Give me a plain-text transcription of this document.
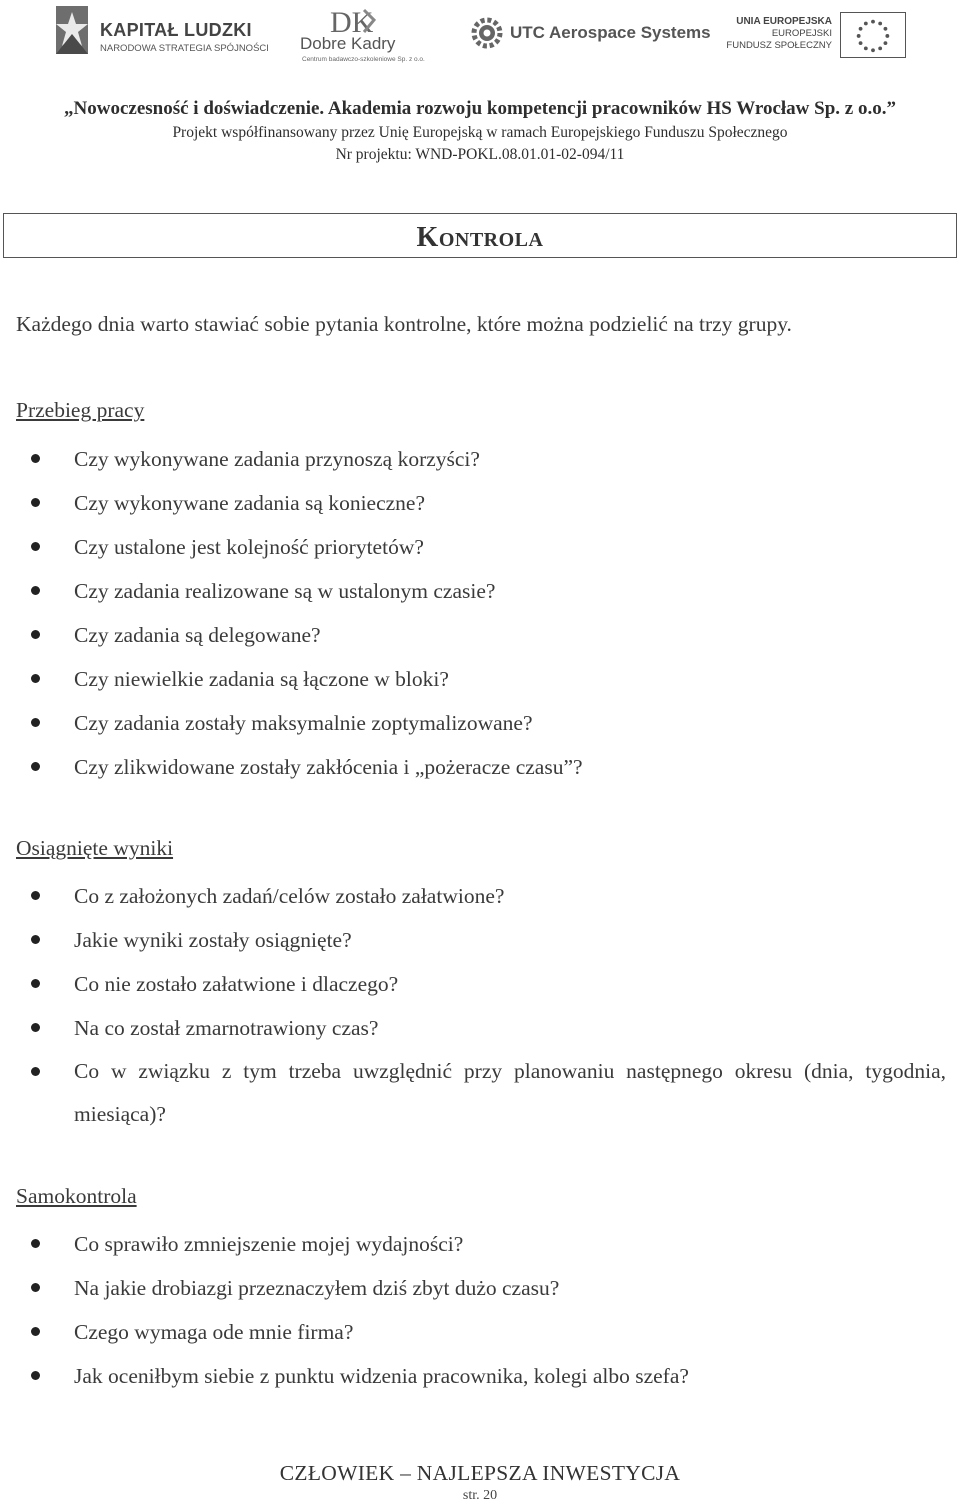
KAPITAŁ LUDZKI
NARODOWA STRATEGIA SPÓJNOŚCI
DK
Dobre Kadry
Centrum badawczo-szkoleniowe Sp. z o.o.
UTC Aerospace Systems
UNIA EUROPEJSKA
EUROPEJSKI
FUNDUSZ SPOŁECZNY
„Nowoczesność i doświadczenie. Akademia rozwoju kompetencji pracowników HS Wrocław Sp. z o.o.”
Projekt współfinansowany przez Unię Europejską w ramach Europejskiego Funduszu Społecznego
Nr projektu: WND-POKL.08.01.01-02-094/11
Kontrola
Każdego dnia warto stawiać sobie pytania kontrolne, które można podzielić na trzy grupy.
Przebieg pracy
Czy wykonywane zadania przynoszą korzyści?
Czy wykonywane zadania są konieczne?
Czy ustalone jest kolejność priorytetów?
Czy zadania realizowane są w ustalonym czasie?
Czy zadania są delegowane?
Czy niewielkie zadania są łączone w bloki?
Czy zadania zostały maksymalnie zoptymalizowane?
Czy zlikwidowane zostały zakłócenia i „pożeracze czasu”?
Osiągnięte wyniki
Co z założonych zadań/celów zostało załatwione?
Jakie wyniki zostały osiągnięte?
Co nie zostało załatwione i dlaczego?
Na co został zmarnotrawiony czas?
Co w związku z tym trzeba uwzględnić przy planowaniu następnego okresu (dnia, tygodnia, miesiąca)?
Samokontrola
Co sprawiło zmniejszenie mojej wydajności?
Na jakie drobiazgi przeznaczyłem dziś zbyt dużo czasu?
Czego wymaga ode mnie firma?
Jak oceniłbym siebie z punktu widzenia pracownika, kolegi albo szefa?
CZŁOWIEK – NAJLEPSZA INWESTYCJA
str. 20
